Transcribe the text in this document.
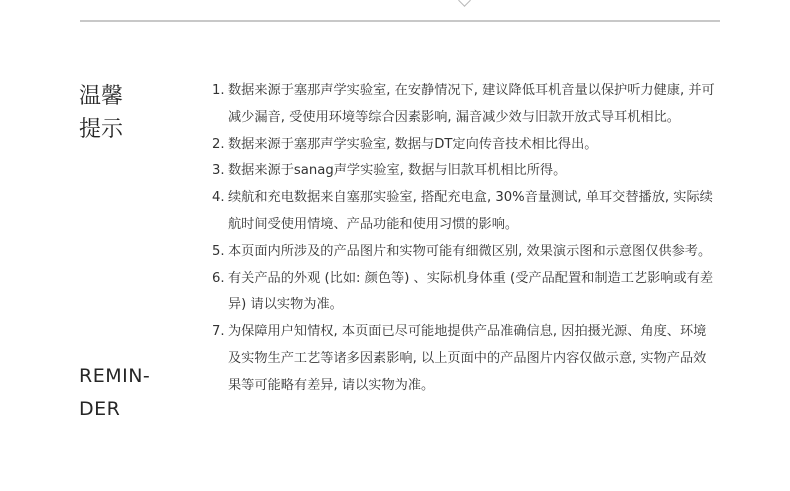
温馨
提示
REMIN-
DER
1. 数据来源于塞那声学实验室, 在安静情况下, 建议降低耳机音量以保护听力健康, 并可减少漏音, 受使用环境等综合因素影响, 漏音减少效与旧款开放式导耳机相比。
2. 数据来源于塞那声学实验室, 数据与DT定向传音技术相比得出。
3. 数据来源于sanag声学实验室, 数据与旧款耳机相比所得。
4. 续航和充电数据来自塞那实验室, 搭配充电盒, 30%音量测试, 单耳交替播放, 实际续航时间受使用情境、产品功能和使用习惯的影响。
5. 本页面内所涉及的产品图片和实物可能有细微区别, 效果演示图和示意图仅供参考。
6. 有关产品的外观 (比如: 颜色等) 、实际机身体重 (受产品配置和制造工艺影响或有差异) 请以实物为准。
7. 为保障用户知情权, 本页面已尽可能地提供产品准确信息, 因拍摄光源、角度、环境及实物生产工艺等诸多因素影响, 以上页面中的产品图片内容仅做示意, 实物产品效果等可能略有差异, 请以实物为准。
